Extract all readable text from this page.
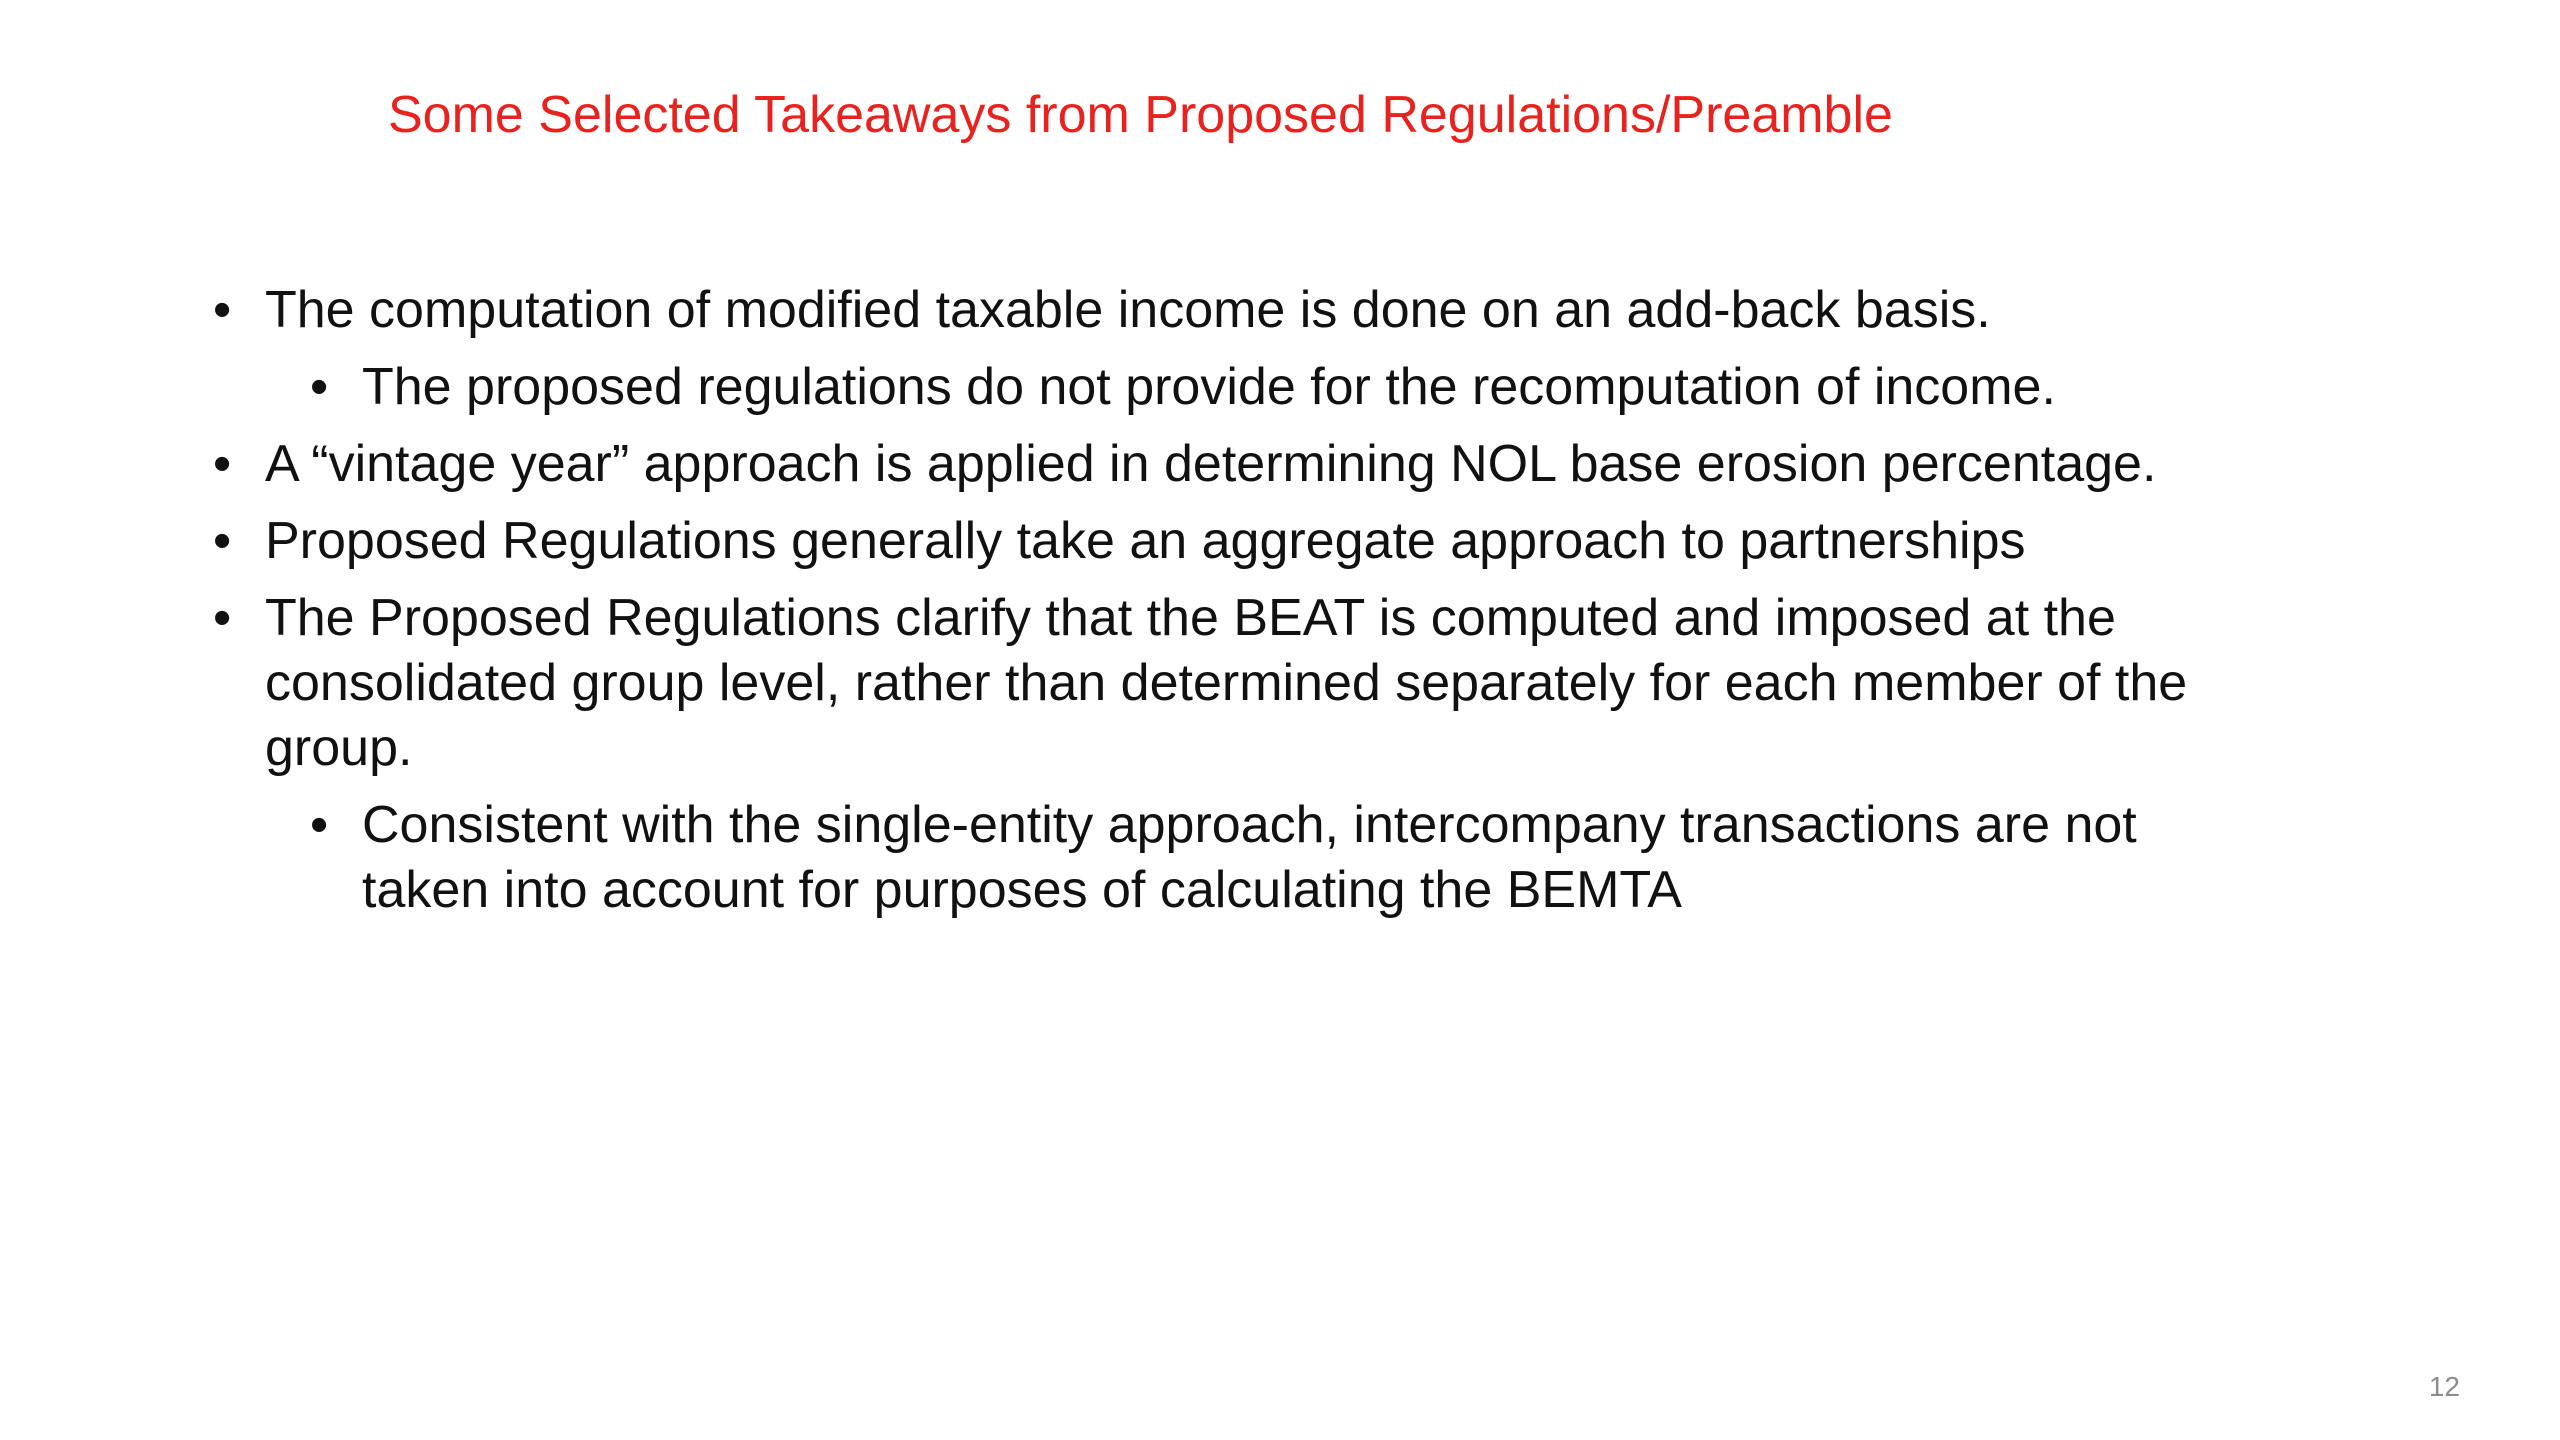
Some Selected Takeaways from Proposed Regulations/Preamble
• The computation of modified taxable income is done on an add-back basis.
• The proposed regulations do not provide for the recomputation of income.
• A “vintage year” approach is applied in determining NOL base erosion percentage.
• Proposed Regulations generally take an aggregate approach to partnerships
• The Proposed Regulations clarify that the BEAT is computed and imposed at the consolidated group level, rather than determined separately for each member of the group.
• Consistent with the single-entity approach, intercompany transactions are not taken into account for purposes of calculating the BEMTA
12
